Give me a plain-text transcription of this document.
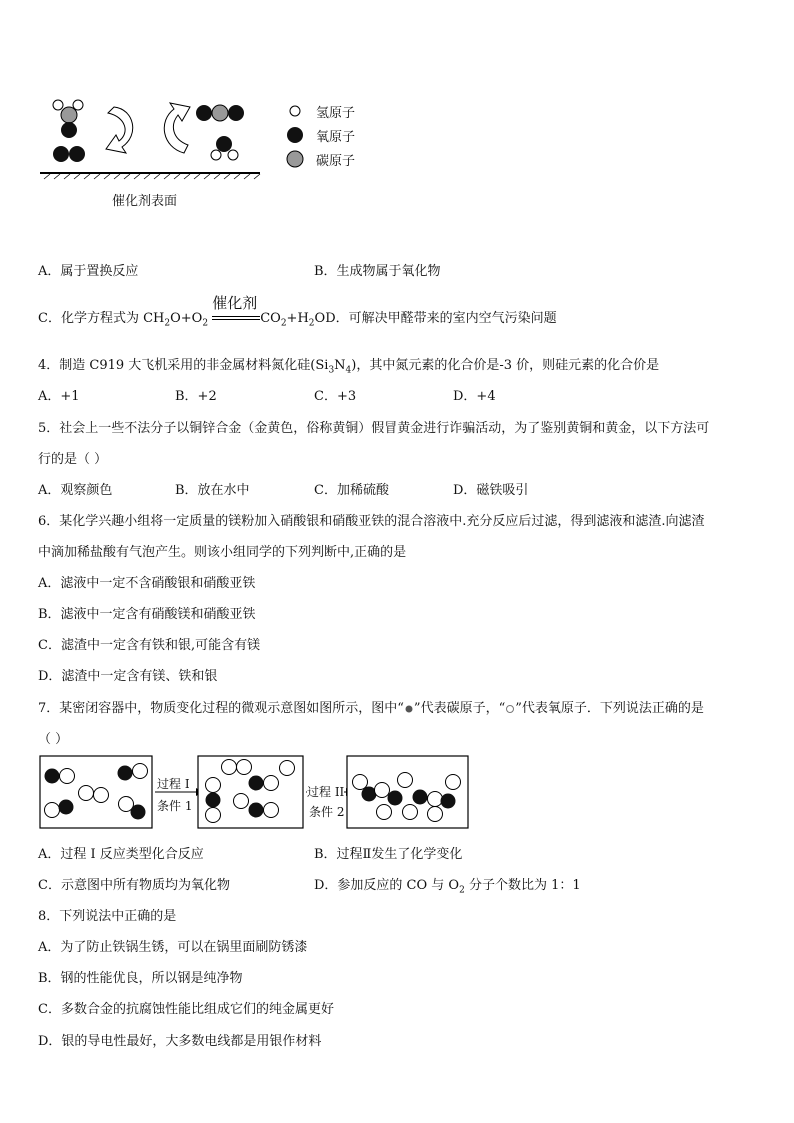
氢原子
氧原子
碳原子
催化剂表面
A．属于置换反应	B．生成物属于氧化物
C．化学方程式为 $CH_2O+O_2$
催化剂
$CO_2+H_2OD$．可解决甲醛带来的室内空气污染问题
4．制造 C919 大飞机采用的非金属材料氮化硅$(Si_3N_4)$，其中氮元素的化合价是-3 价，则硅元素的化合价是
A．+1	B．+2	C．+3	D．+4
5．社会上一些不法分子以铜锌合金（金黄色，俗称黄铜）假冒黄金进行诈骗活动，为了鉴别黄铜和黄金，以下方法可
行的是（ ）
A．观察颜色	B．放在水中	C．加稀硫酸	D．磁铁吸引
6．某化学兴趣小组将一定质量的镁粉加入硝酸银和硝酸亚铁的混合溶液中.充分反应后过滤，得到滤液和滤渣.向滤渣
中滴加稀盐酸有气泡产生。则该小组同学的下列判断中,正确的是
A．滤液中一定不含硝酸银和硝酸亚铁
B．滤液中一定含有硝酸镁和硝酸亚铁
C．滤渣中一定含有铁和银,可能含有镁
D．滤渣中一定含有镁、铁和银
7．某密闭容器中，物质变化过程的微观示意图如图所示，图中“ ”代表碳原子，“ ”代表氧原子．下列说法正确的是
（ ）
过程 I
条件 1
过程 II
条件 2
A．过程 I 反应类型化合反应	B．过程Ⅱ发生了化学变化
C．示意图中所有物质均为氧化物	D．参加反应的 CO 与 $O_2$ 分子个数比为 1：1
8．下列说法中正确的是
A．为了防止铁锅生锈，可以在锅里面刷防锈漆
B．钢的性能优良，所以钢是纯净物
C．多数合金的抗腐蚀性能比组成它们的纯金属更好
D．银的导电性最好，大多数电线都是用银作材料
